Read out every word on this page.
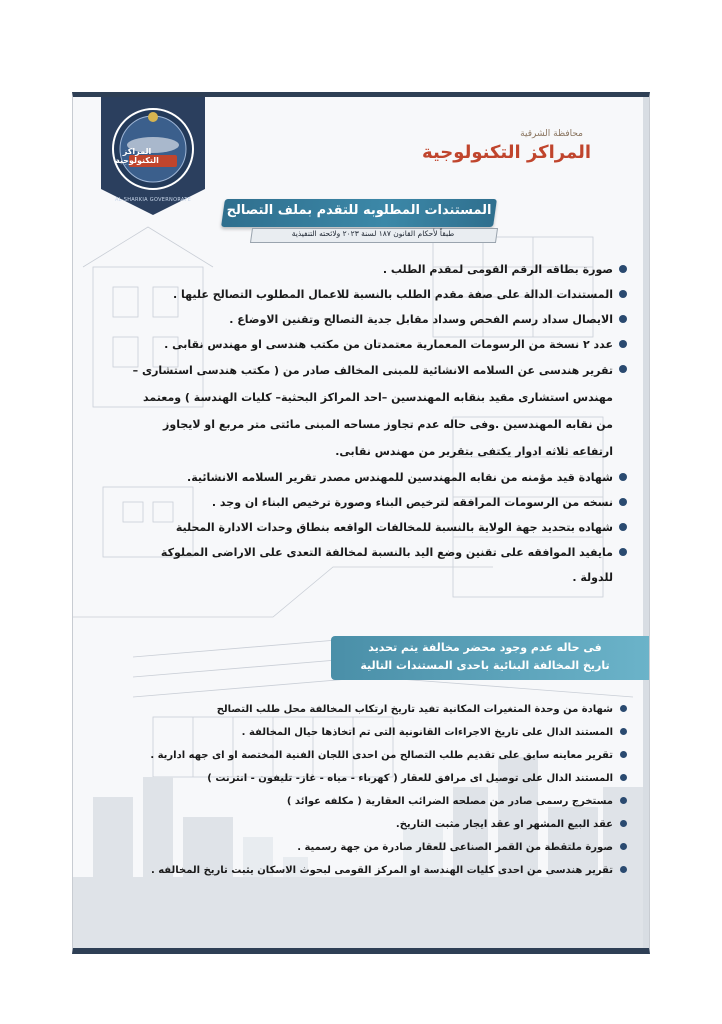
المراكز التكنولوجية
AL-SHARKIA GOVERNORATE
محافظة الشرقية
المراكز التكنولوجية
المستندات المطلوبه للتقدم بملف التصالح
طبقاً لأحكام القانون ١٨٧ لسنة ٢٠٢٣ ولائحته التنفيذية
صورة بطاقه الرقم القومى لمقدم الطلب .
المستندات الدالة على صفة مقدم الطلب بالنسبة للاعمال المطلوب التصالح عليها .
الايصال سداد رسم الفحص وسداد مقابل جدية التصالح وتقنين الاوضاع .
عدد ٢ نسخة من الرسومات المعمارية معتمدتان من مكتب هندسى او مهندس نقابى .
تقرير هندسى عن السلامه الانشائية للمبنى المخالف صادر من ( مكتب هندسى استشارى – مهندس استشارى مقيد بنقابه المهندسين –احد المراكز البحثية– كليات الهندسة ) ومعتمد من نقابه المهندسين .وفى حاله عدم تجاوز مساحه المبنى مائتى متر مربع او لايجاوز ارتفاعه ثلاثه ادوار يكتفى بتقرير من مهندس نقابى.
شهادة قيد مؤمنه من نقابه المهندسين للمهندس مصدر تقرير السلامه الانشائية.
نسخه من الرسومات المرافقه لترخيص البناء وصورة ترخيص البناء ان وجد .
شهاده بتحديد جهة الولاية بالنسبة للمخالفات الواقعه بنطاق وحدات الادارة المحلية
مايفيد الموافقه على تقنين وضع اليد بالنسبة لمخالفة التعدى على الاراضى المملوكة للدولة .
فى حاله عدم وجود محضر مخالفة يتم تحديد
تاريخ المخالفة البنائية باحدى المستندات التالية
شهادة من وحدة المتغيرات المكانية تفيد تاريخ ارتكاب المخالفة محل طلب التصالح
المستند الدال على تاريخ الاجراءات القانونية التى تم اتخاذها حيال المخالفة .
تقرير معاينه سابق على تقديم طلب التصالح من احدى اللجان الفنية المختصة او اى جهه ادارية .
المستند الدال على توصيل اى مرافق للعقار ( كهرباء - مياه - غاز- تليفون - انترنت )
مستخرج رسمى صادر من مصلحه الضرائب العقارية ( مكلفه عوائد )
عقد البيع المشهر او عقد ايجار مثبت التاريخ.
صورة ملتقطة من القمر الصناعى للعقار صادرة من جهة رسمية .
تقرير هندسى من احدى كليات الهندسة او المركز القومى لبحوث الاسكان يثبت تاريخ المخالفه .
